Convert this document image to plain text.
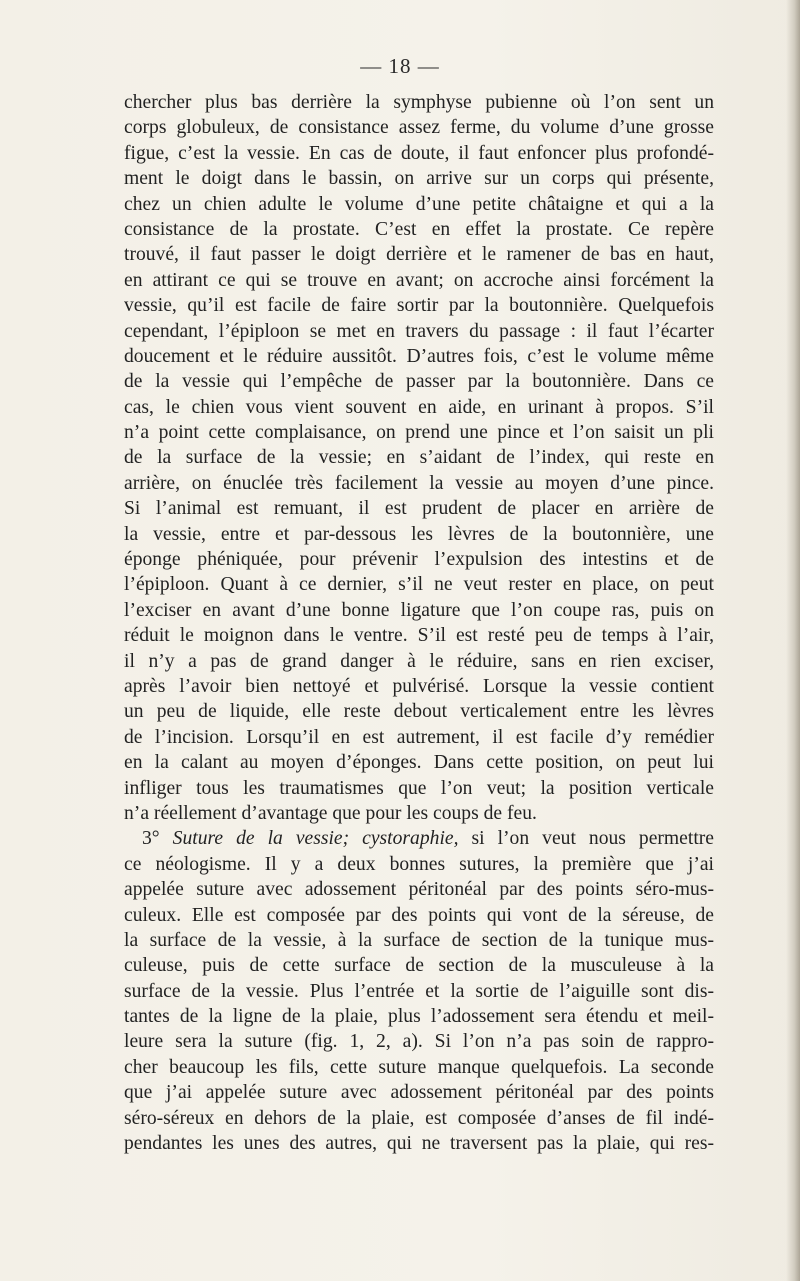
— 18 —
chercher plus bas derrière la symphyse pubienne où l’on sent un
corps globuleux, de consistance assez ferme, du volume d’une grosse
figue, c’est la vessie. En cas de doute, il faut enfoncer plus profondé-
ment le doigt dans le bassin, on arrive sur un corps qui présente,
chez un chien adulte le volume d’une petite châtaigne et qui a la
consistance de la prostate. C’est en effet la prostate. Ce repère
trouvé, il faut passer le doigt derrière et le ramener de bas en haut,
en attirant ce qui se trouve en avant; on accroche ainsi forcément la
vessie, qu’il est facile de faire sortir par la boutonnière. Quelquefois
cependant, l’épiploon se met en travers du passage : il faut l’écarter
doucement et le réduire aussitôt. D’autres fois, c’est le volume même
de la vessie qui l’empêche de passer par la boutonnière. Dans ce
cas, le chien vous vient souvent en aide, en urinant à propos. S’il
n’a point cette complaisance, on prend une pince et l’on saisit un pli
de la surface de la vessie; en s’aidant de l’index, qui reste en
arrière, on énuclée très facilement la vessie au moyen d’une pince.
Si l’animal est remuant, il est prudent de placer en arrière de
la vessie, entre et par-dessous les lèvres de la boutonnière, une
éponge phéniquée, pour prévenir l’expulsion des intestins et de
l’épiploon. Quant à ce dernier, s’il ne veut rester en place, on peut
l’exciser en avant d’une bonne ligature que l’on coupe ras, puis on
réduit le moignon dans le ventre. S’il est resté peu de temps à l’air,
il n’y a pas de grand danger à le réduire, sans en rien exciser,
après l’avoir bien nettoyé et pulvérisé. Lorsque la vessie contient
un peu de liquide, elle reste debout verticalement entre les lèvres
de l’incision. Lorsqu’il en est autrement, il est facile d’y remédier
en la calant au moyen d’éponges. Dans cette position, on peut lui
infliger tous les traumatismes que l’on veut; la position verticale
n’a réellement d’avantage que pour les coups de feu.
3° Suture de la vessie; cystoraphie, si l’on veut nous permettre
ce néologisme. Il y a deux bonnes sutures, la première que j’ai
appelée suture avec adossement péritonéal par des points séro-mus-
culeux. Elle est composée par des points qui vont de la séreuse, de
la surface de la vessie, à la surface de section de la tunique mus-
culeuse, puis de cette surface de section de la musculeuse à la
surface de la vessie. Plus l’entrée et la sortie de l’aiguille sont dis-
tantes de la ligne de la plaie, plus l’adossement sera étendu et meil-
leure sera la suture (fig. 1, 2, a). Si l’on n’a pas soin de rappro-
cher beaucoup les fils, cette suture manque quelquefois. La seconde
que j’ai appelée suture avec adossement péritonéal par des points
séro-séreux en dehors de la plaie, est composée d’anses de fil indé-
pendantes les unes des autres, qui ne traversent pas la plaie, qui res-
